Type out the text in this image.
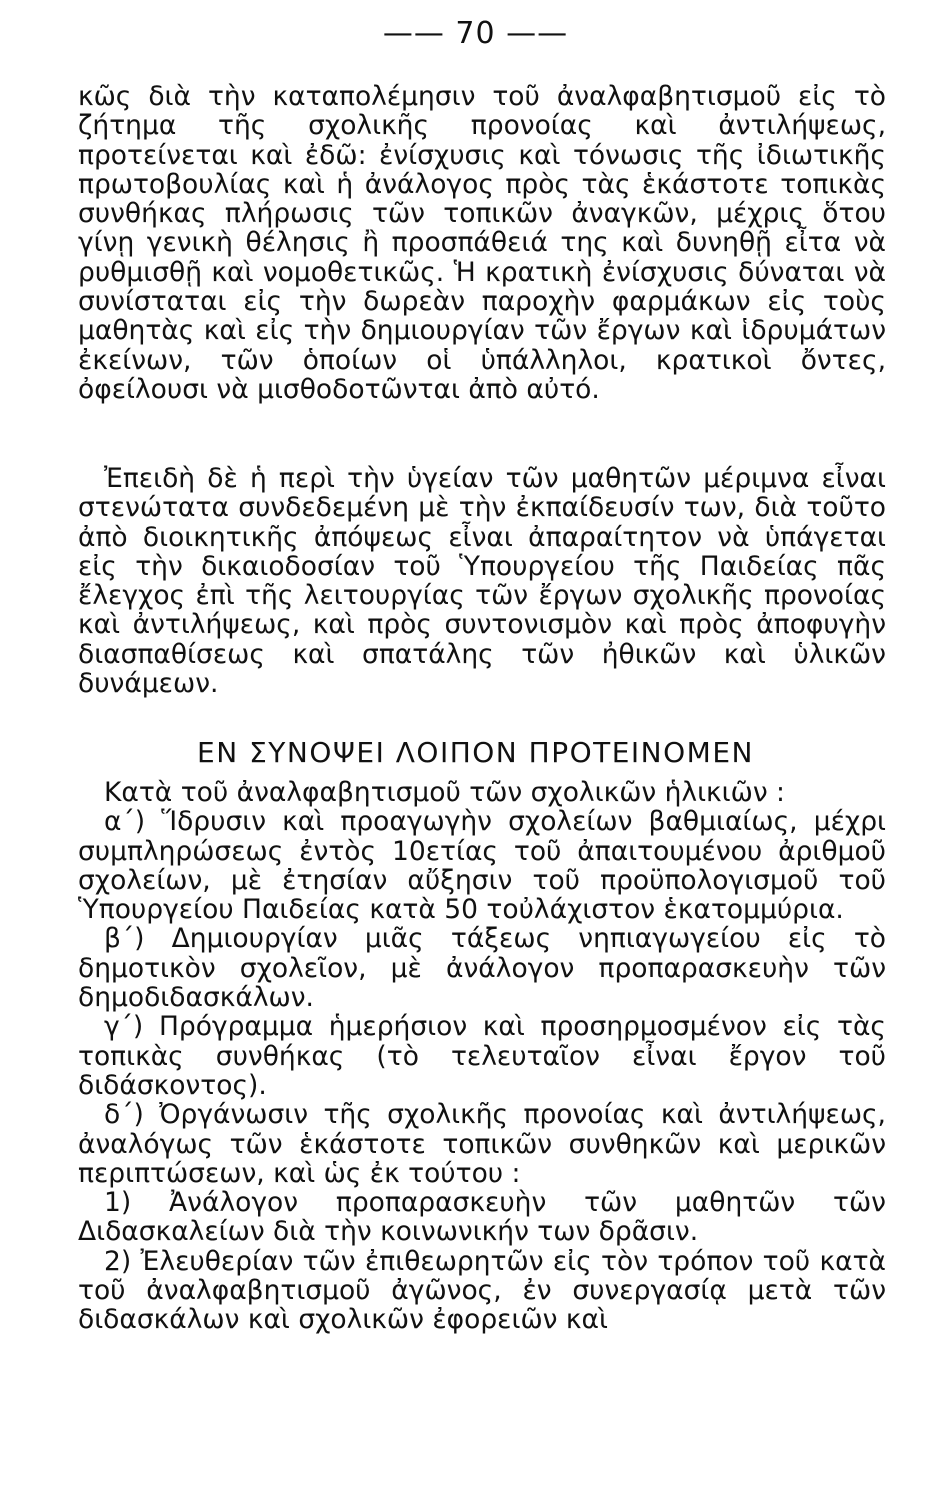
—— 70 ——

κῶς διὰ τὴν καταπολέμησιν τοῦ ἀναλφαβητισμοῦ εἰς τὸ ζήτημα τῆς σχολικῆς προνοίας καὶ ἀντιλήψεως, προτείνεται καὶ ἐδῶ: ἐνίσχυσις καὶ τόνωσις τῆς ἰδιωτικῆς πρωτοβουλίας καὶ ἡ ἀνάλογος πρὸς τὰς ἑκάστοτε τοπικὰς συνθήκας πλήρωσις τῶν τοπικῶν ἀναγκῶν, μέχρις ὅτου γίνῃ γενικὴ θέλησις ἢ προσπάθειά της καὶ δυνηθῇ εἶτα νὰ ρυθμισθῇ καὶ νομοθετικῶς. Ἡ κρατικὴ ἐνίσχυσις δύναται νὰ συνίσταται εἰς τὴν δωρεὰν παροχὴν φαρμάκων εἰς τοὺς μαθητὰς καὶ εἰς τὴν δημιουργίαν τῶν ἔργων καὶ ἱδρυμάτων ἐκείνων, τῶν ὁποίων οἱ ὑπάλληλοι, κρατικοὶ ὄντες, ὀφείλουσι νὰ μισθοδοτῶνται ἀπὸ αὐτό.

Ἐπειδὴ δὲ ἡ περὶ τὴν ὑγείαν τῶν μαθητῶν μέριμνα εἶναι στενώτατα συνδεδεμένη μὲ τὴν ἐκπαίδευσίν των, διὰ τοῦτο ἀπὸ διοικητικῆς ἀπόψεως εἶναι ἀπαραίτητον νὰ ὑπάγεται εἰς τὴν δικαιοδοσίαν τοῦ Ὑπουργείου τῆς Παιδείας πᾶς ἔλεγχος ἐπὶ τῆς λειτουργίας τῶν ἔργων σχολικῆς προνοίας καὶ ἀντιλήψεως, καὶ πρὸς συντονισμὸν καὶ πρὸς ἀποφυγὴν διασπαθίσεως καὶ σπατάλης τῶν ἠθικῶν καὶ ὑλικῶν δυνάμεων.

ΕΝ ΣΥΝΟΨΕΙ ΛΟΙΠΟΝ ΠΡΟΤΕΙΝΟΜΕΝ

Κατὰ τοῦ ἀναλφαβητισμοῦ τῶν σχολικῶν ἡλικιῶν :

α΄) Ἵδρυσιν καὶ προαγωγὴν σχολείων βαθμιαίως, μέχρι συμπληρώσεως ἐντὸς 10ετίας τοῦ ἀπαιτουμένου ἀριθμοῦ σχολείων, μὲ ἐτησίαν αὔξησιν τοῦ προϋπολογισμοῦ τοῦ Ὑπουργείου Παιδείας κατὰ 50 τοὐλάχιστον ἑκατομμύρια.

β΄) Δημιουργίαν μιᾶς τάξεως νηπιαγωγείου εἰς τὸ δημοτικὸν σχολεῖον, μὲ ἀνάλογον προπαρασκευὴν τῶν δημοδιδασκάλων.

γ΄) Πρόγραμμα ἡμερήσιον καὶ προσηρμοσμένον εἰς τὰς τοπικὰς συνθήκας (τὸ τελευταῖον εἶναι ἔργον τοῦ διδάσκοντος).

δ΄) Ὀργάνωσιν τῆς σχολικῆς προνοίας καὶ ἀντιλήψεως, ἀναλόγως τῶν ἑκάστοτε τοπικῶν συνθηκῶν καὶ μερικῶν περιπτώσεων, καὶ ὡς ἐκ τούτου :

1) Ἀνάλογον προπαρασκευὴν τῶν μαθητῶν τῶν Διδασκαλείων διὰ τὴν κοινωνικήν των δρᾶσιν.

2) Ἐλευθερίαν τῶν ἐπιθεωρητῶν εἰς τὸν τρόπον τοῦ κατὰ τοῦ ἀναλφαβητισμοῦ ἀγῶνος, ἐν συνεργασίᾳ μετὰ τῶν διδασκάλων καὶ σχολικῶν ἐφορειῶν καὶ
